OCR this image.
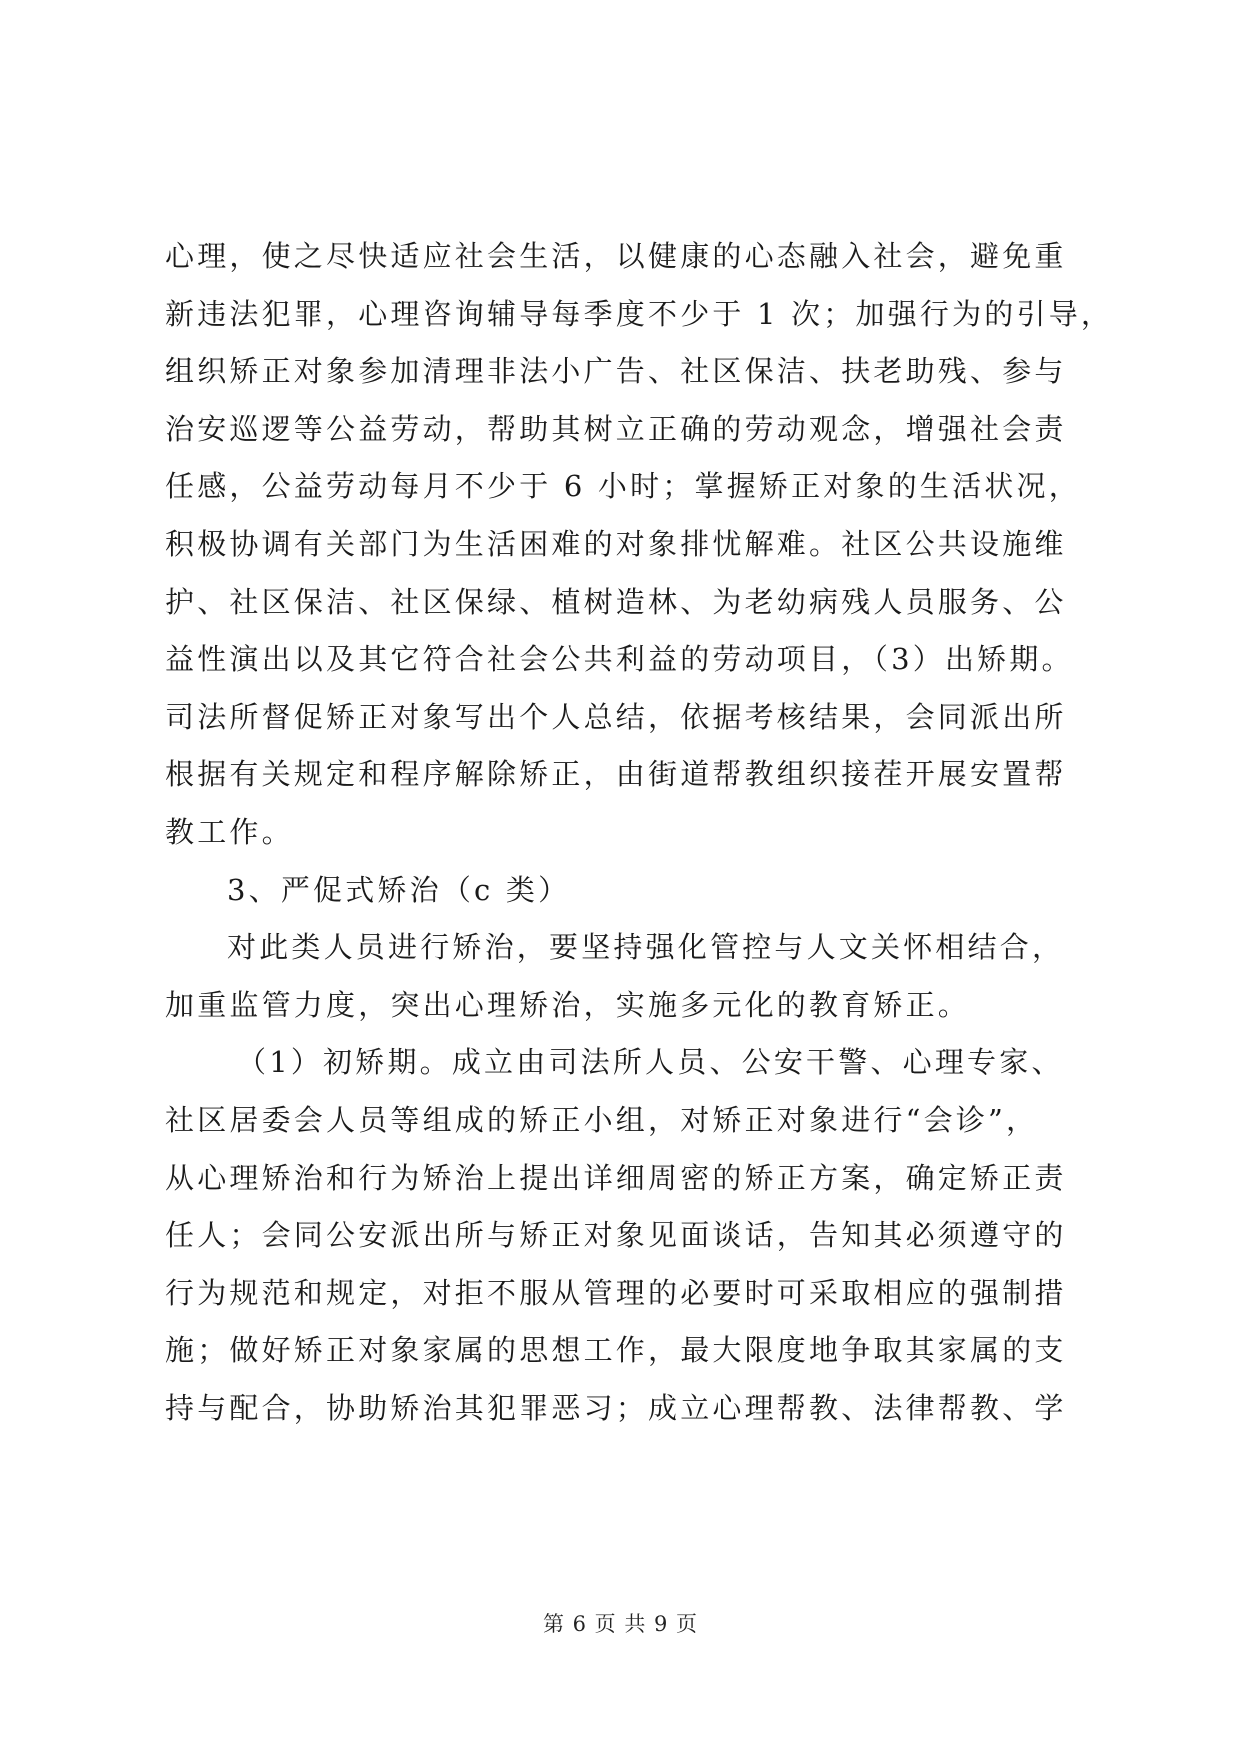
心理，使之尽快适应社会生活，以健康的心态融入社会，避免重
新违法犯罪，心理咨询辅导每季度不少于 1 次；加强行为的引导，
组织矫正对象参加清理非法小广告、社区保洁、扶老助残、参与
治安巡逻等公益劳动，帮助其树立正确的劳动观念，增强社会责
任感，公益劳动每月不少于 6 小时；掌握矫正对象的生活状况，
积极协调有关部门为生活困难的对象排忧解难。社区公共设施维
护、社区保洁、社区保绿、植树造林、为老幼病残人员服务、公
益性演出以及其它符合社会公共利益的劳动项目，（3）出矫期。
司法所督促矫正对象写出个人总结，依据考核结果，会同派出所
根据有关规定和程序解除矫正，由街道帮教组织接茬开展安置帮
教工作。
3、严促式矫治（c 类）
对此类人员进行矫治，要坚持强化管控与人文关怀相结合，
加重监管力度，突出心理矫治，实施多元化的教育矫正。
（1）初矫期。成立由司法所人员、公安干警、心理专家、
社区居委会人员等组成的矫正小组，对矫正对象进行“会诊”，
从心理矫治和行为矫治上提出详细周密的矫正方案，确定矫正责
任人；会同公安派出所与矫正对象见面谈话，告知其必须遵守的
行为规范和规定，对拒不服从管理的必要时可采取相应的强制措
施；做好矫正对象家属的思想工作，最大限度地争取其家属的支
持与配合，协助矫治其犯罪恶习；成立心理帮教、法律帮教、学
第 6 页 共 9 页
